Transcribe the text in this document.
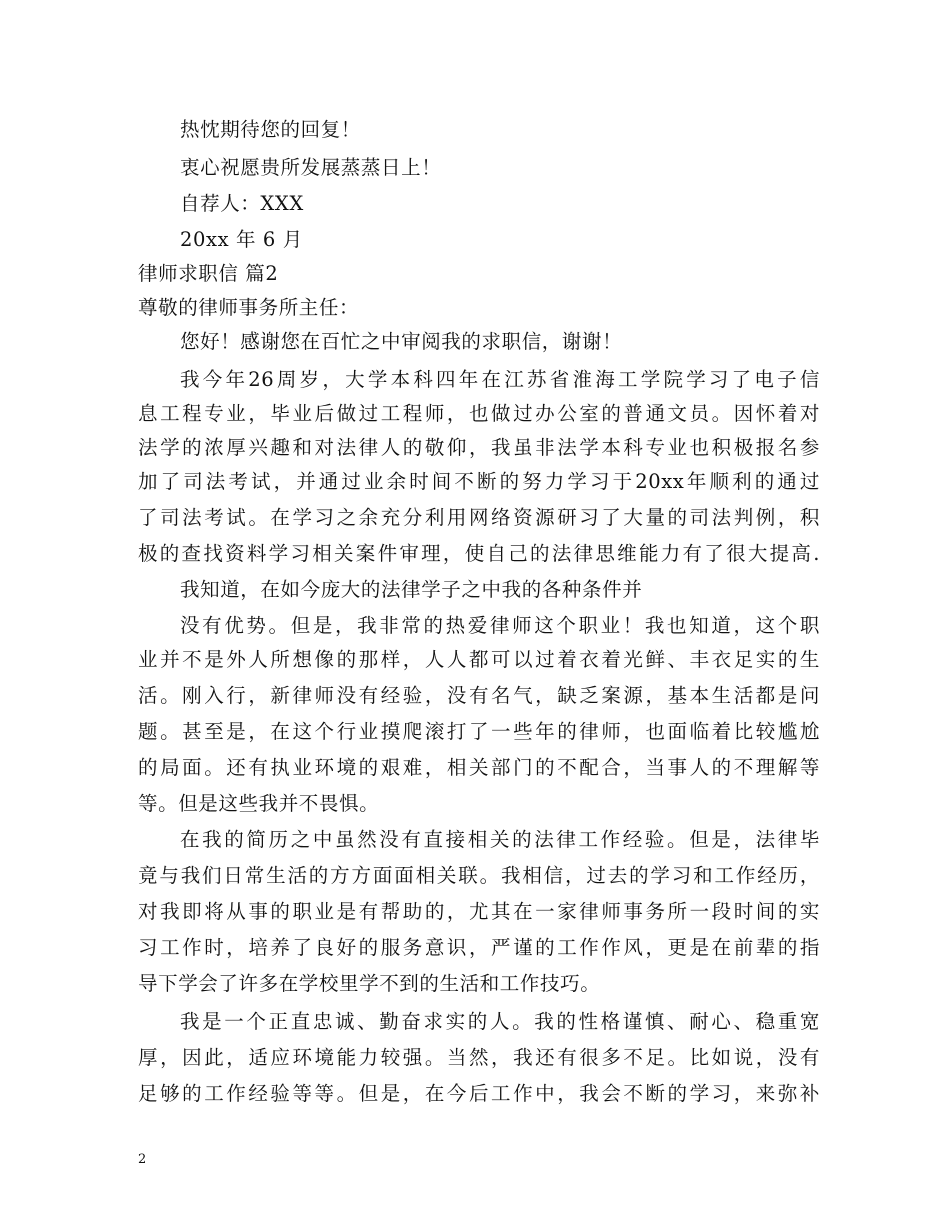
热忱期待您的回复！
衷心祝愿贵所发展蒸蒸日上！
自荐人：XXX
20xx 年 6 月
律师求职信 篇2
尊敬的律师事务所主任：
您好！感谢您在百忙之中审阅我的求职信，谢谢！
我今年26周岁，大学本科四年在江苏省淮海工学院学习了电子信
息工程专业，毕业后做过工程师，也做过办公室的普通文员。因怀着对
法学的浓厚兴趣和对法律人的敬仰，我虽非法学本科专业也积极报名参
加了司法考试，并通过业余时间不断的努力学习于20xx年顺利的通过
了司法考试。在学习之余充分利用网络资源研习了大量的司法判例，积
极的查找资料学习相关案件审理，使自己的法律思维能力有了很大提高.
我知道，在如今庞大的法律学子之中我的各种条件并
没有优势。但是，我非常的热爱律师这个职业！我也知道，这个职
业并不是外人所想像的那样，人人都可以过着衣着光鲜、丰衣足实的生
活。刚入行，新律师没有经验，没有名气，缺乏案源，基本生活都是问
题。甚至是，在这个行业摸爬滚打了一些年的律师，也面临着比较尴尬
的局面。还有执业环境的艰难，相关部门的不配合，当事人的不理解等
等。但是这些我并不畏惧。
在我的简历之中虽然没有直接相关的法律工作经验。但是，法律毕
竟与我们日常生活的方方面面相关联。我相信，过去的学习和工作经历，
对我即将从事的职业是有帮助的，尤其在一家律师事务所一段时间的实
习工作时，培养了良好的服务意识，严谨的工作作风，更是在前辈的指
导下学会了许多在学校里学不到的生活和工作技巧。
我是一个正直忠诚、勤奋求实的人。我的性格谨慎、耐心、稳重宽
厚，因此，适应环境能力较强。当然，我还有很多不足。比如说，没有
足够的工作经验等等。但是，在今后工作中，我会不断的学习，来弥补
2
